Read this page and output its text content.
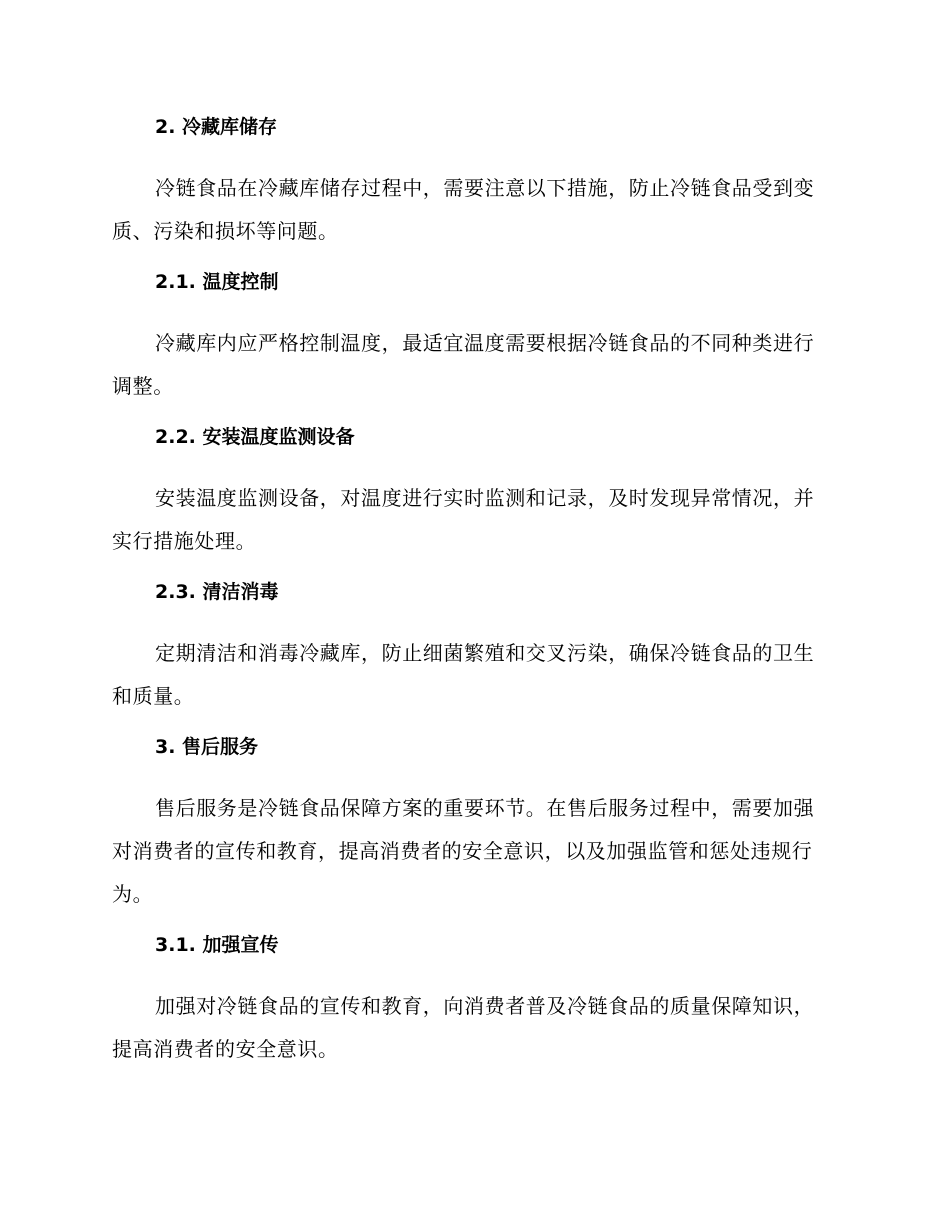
2. 冷藏库储存

冷链食品在冷藏库储存过程中，需要注意以下措施，防止冷链食品受到变质、污染和损坏等问题。

2.1. 温度控制

冷藏库内应严格控制温度，最适宜温度需要根据冷链食品的不同种类进行调整。

2.2. 安装温度监测设备

安装温度监测设备，对温度进行实时监测和记录，及时发现异常情况，并实行措施处理。

2.3. 清洁消毒

定期清洁和消毒冷藏库，防止细菌繁殖和交叉污染，确保冷链食品的卫生和质量。

3. 售后服务

售后服务是冷链食品保障方案的重要环节。在售后服务过程中，需要加强对消费者的宣传和教育，提高消费者的安全意识，以及加强监管和惩处违规行为。

3.1. 加强宣传

加强对冷链食品的宣传和教育，向消费者普及冷链食品的质量保障知识，提高消费者的安全意识。
